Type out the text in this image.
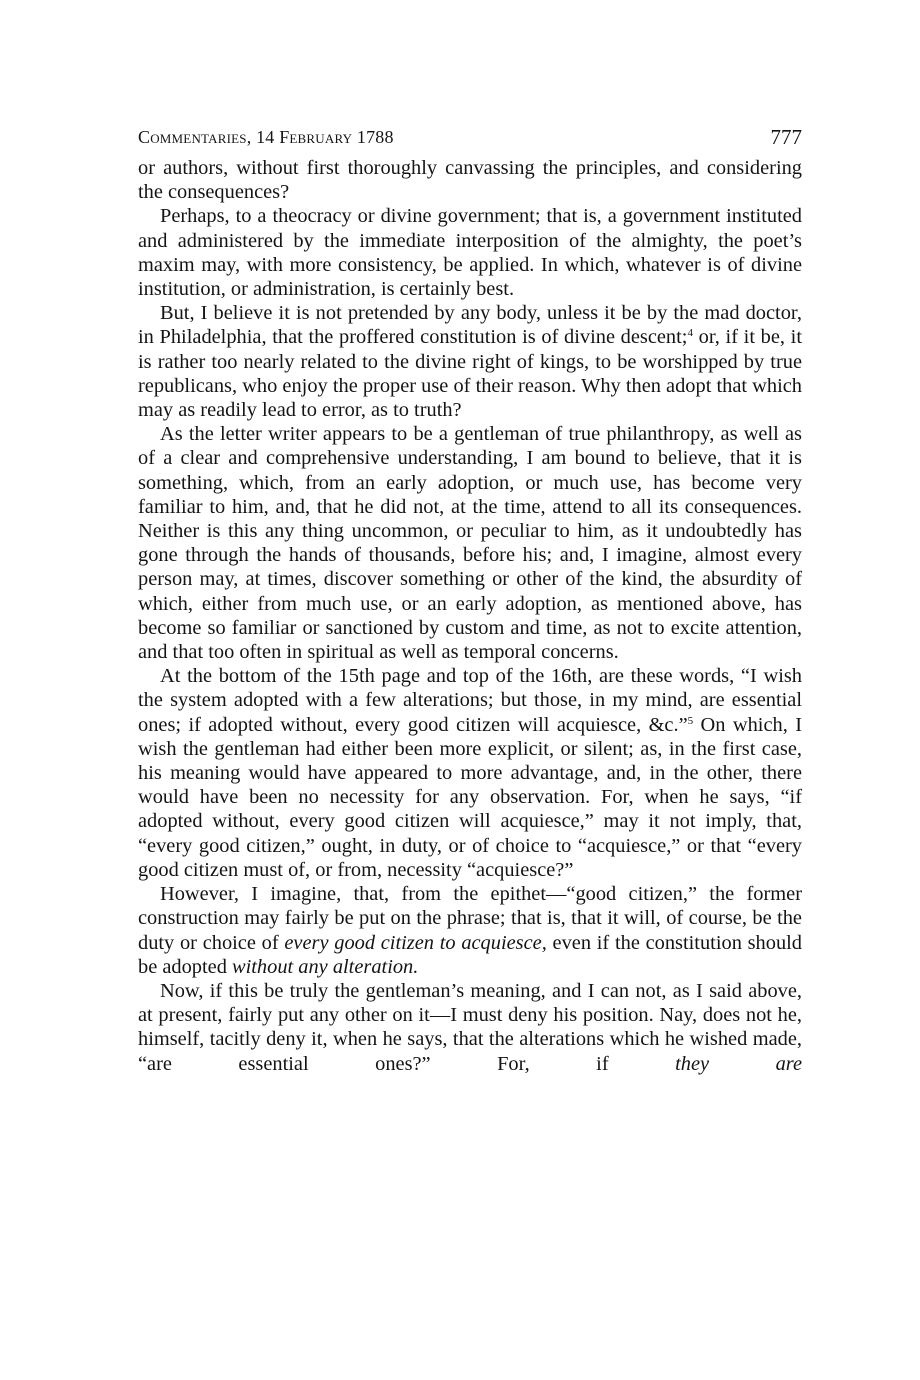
Commentaries, 14 February 1788	777

or authors, without first thoroughly canvassing the principles, and considering the consequences?

Perhaps, to a theocracy or divine government; that is, a government instituted and administered by the immediate interposition of the almighty, the poet’s maxim may, with more consistency, be applied. In which, whatever is of divine institution, or administration, is certainly best.

But, I believe it is not pretended by any body, unless it be by the mad doctor, in Philadelphia, that the proffered constitution is of divine descent;$^4$ or, if it be, it is rather too nearly related to the divine right of kings, to be worshipped by true republicans, who enjoy the proper use of their reason. Why then adopt that which may as readily lead to error, as to truth?

As the letter writer appears to be a gentleman of true philanthropy, as well as of a clear and comprehensive understanding, I am bound to believe, that it is something, which, from an early adoption, or much use, has become very familiar to him, and, that he did not, at the time, attend to all its consequences. Neither is this any thing uncommon, or peculiar to him, as it undoubtedly has gone through the hands of thousands, before his; and, I imagine, almost every person may, at times, discover something or other of the kind, the absurdity of which, either from much use, or an early adoption, as mentioned above, has become so familiar or sanctioned by custom and time, as not to excite attention, and that too often in spiritual as well as temporal concerns.

At the bottom of the 15th page and top of the 16th, are these words, “I wish the system adopted with a few alterations; but those, in my mind, are essential ones; if adopted without, every good citizen will acquiesce, &c.”$^5$ On which, I wish the gentleman had either been more explicit, or silent; as, in the first case, his meaning would have appeared to more advantage, and, in the other, there would have been no necessity for any observation. For, when he says, “if adopted without, every good citizen will acquiesce,” may it not imply, that, “every good citizen,” ought, in duty, or of choice to “acquiesce,” or that “every good citizen must of, or from, necessity “acquiesce?”

However, I imagine, that, from the epithet—“good citizen,” the former construction may fairly be put on the phrase; that is, that it will, of course, be the duty or choice of every good citizen to acquiesce, even if the constitution should be adopted without any alteration.

Now, if this be truly the gentleman’s meaning, and I can not, as I said above, at present, fairly put any other on it—I must deny his position. Nay, does not he, himself, tacitly deny it, when he says, that the alterations which he wished made, “are essential ones?” For, if they are
